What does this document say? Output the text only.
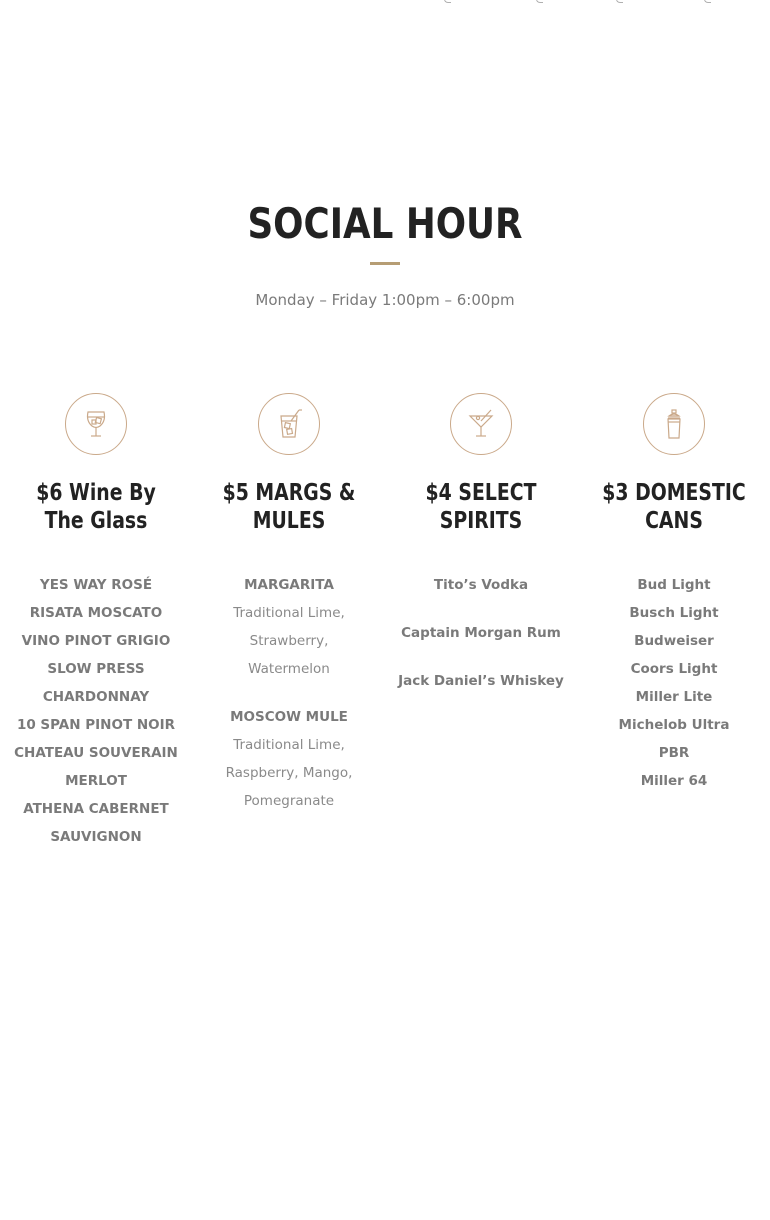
SOCIAL HOUR

Monday – Friday 1:00pm – 6:00pm

$6 Wine By The Glass
YES WAY ROSÉ
RISATA MOSCATO
VINO PINOT GRIGIO
SLOW PRESS CHARDONNAY
10 SPAN PINOT NOIR
CHATEAU SOUVERAIN MERLOT
ATHENA CABERNET SAUVIGNON
$5 MARGS & MULES
MARGARITA
Traditional Lime, Strawberry, Watermelon
MOSCOW MULE
Traditional Lime, Raspberry, Mango, Pomegranate
$4 SELECT SPIRITS
Tito’s Vodka
Captain Morgan Rum
Jack Daniel’s Whiskey
$3 DOMESTIC CANS
Bud Light
Busch Light
Budweiser
Coors Light
Miller Lite
Michelob Ultra
PBR
Miller 64
